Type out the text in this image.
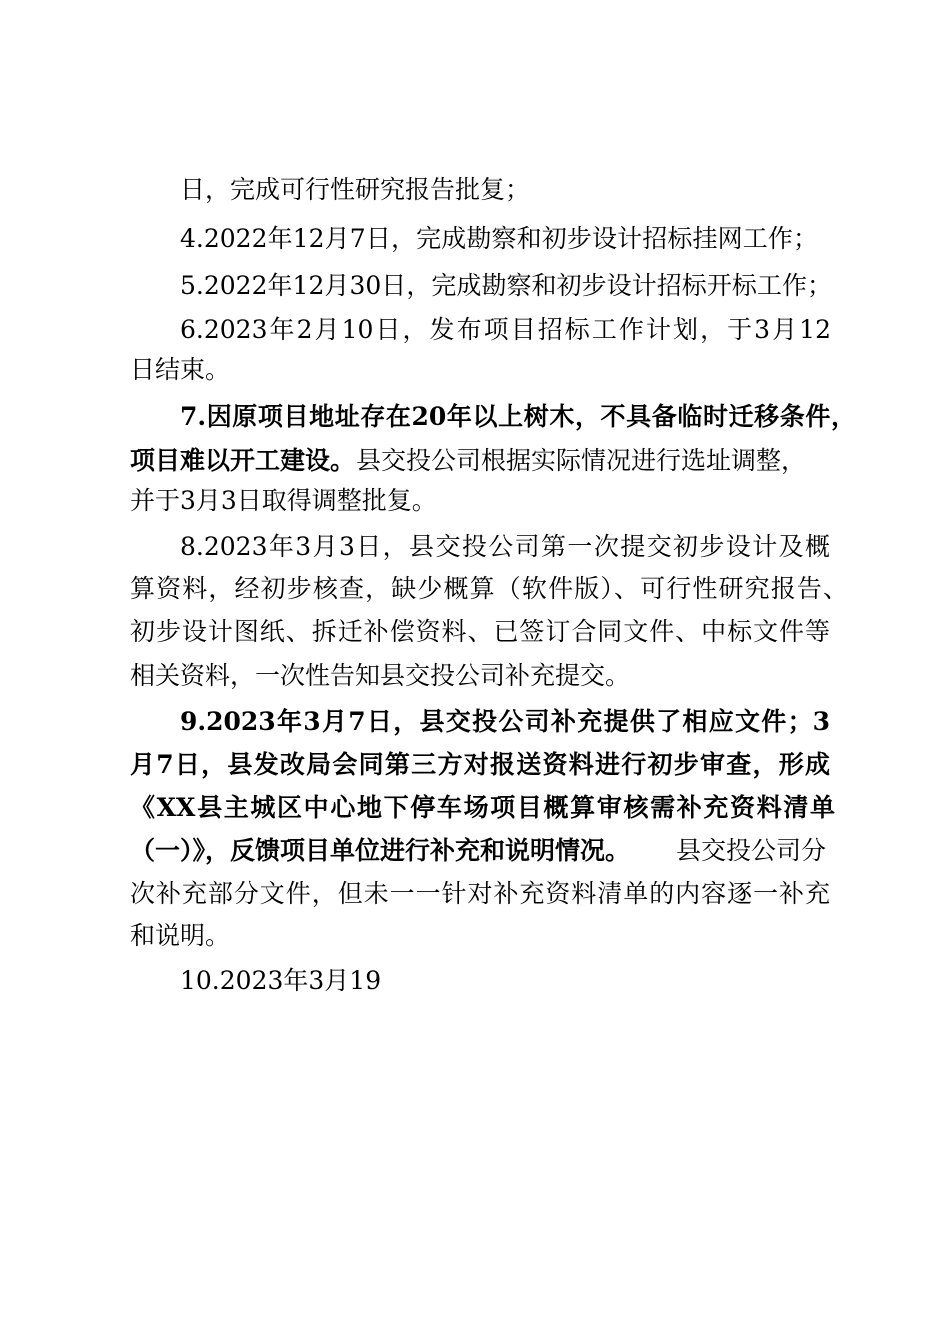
日，完成可行性研究报告批复；
4.2022年12月7日，完成勘察和初步设计招标挂网工作；
5.2022年12月30日，完成勘察和初步设计招标开标工作；
6.2023年2月10日，发布项目招标工作计划，于3月12
日结束。
7.因原项目地址存在20年以上树木，不具备临时迁移条件，
项目难以开工建设。 县交投公司根据实际情况进行选址调整，
并于3月3日取得调整批复。
8.2023年3月3日，县交投公司第一次提交初步设计及概
算资料，经初步核查，缺少概算（软件版）、可行性研究报告、
初步设计图纸、拆迁补偿资料、已签订合同文件、中标文件等
相关资料，一次性告知县交投公司补充提交。
9.2023年3月7日，县交投公司补充提供了相应文件；3
月7日，县发改局会同第三方对报送资料进行初步审查，形成
《XX县主城区中心地下停车场项目概算审核需补充资料清单
（一）》，反馈项目单位进行补充和说明情况。 县交投公司分
次补充部分文件，但未一一针对补充资料清单的内容逐一补充
和说明。
10.2023年3月19
